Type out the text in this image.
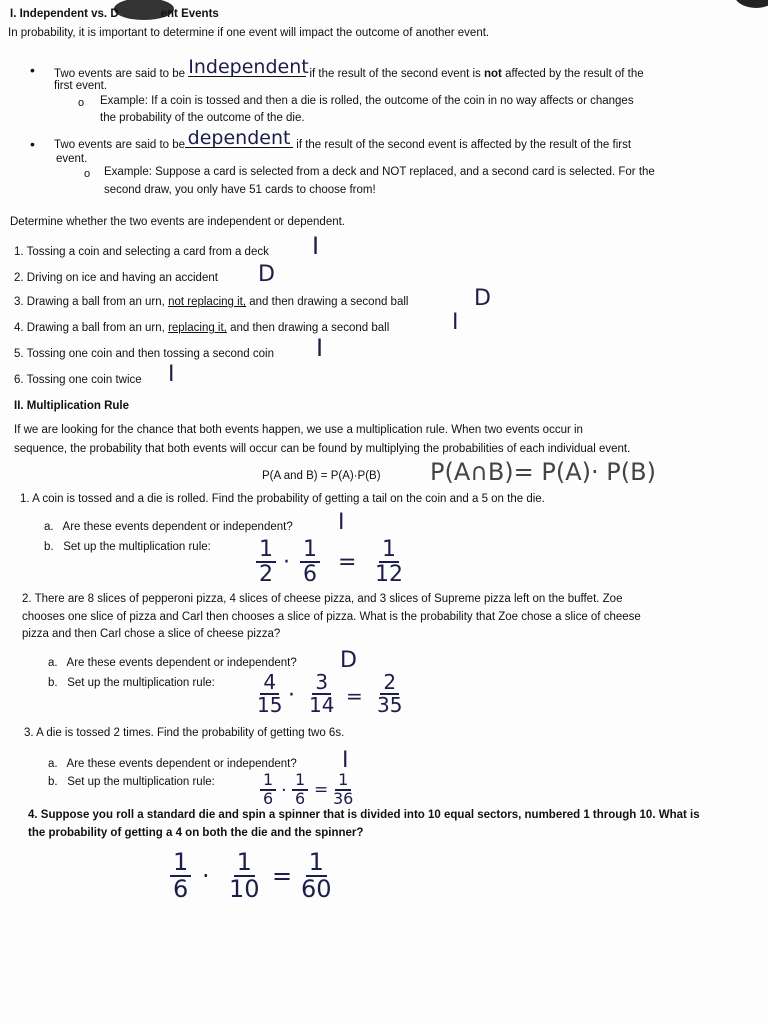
I. Independent vs. D	ent Events
In probability, it is important to determine if one event will impact the outcome of another event.
• Two events are said to be Independent if the result of the second event is not affected by the result of the
first event.
o Example: If a coin is tossed and then a die is rolled, the outcome of the coin in no way affects or changes
the probability of the outcome of the die.
• Two events are said to be dependent if the result of the second event is affected by the result of the first
event.
o Example: Suppose a card is selected from a deck and NOT replaced, and a second card is selected. For the
second draw, you only have 51 cards to choose from!
Determine whether the two events are independent or dependent.
1. Tossing a coin and selecting a card from a deck I
2. Driving on ice and having an accident D
3. Drawing a ball from an urn, not replacing it, and then drawing a second ball	D
4. Drawing a ball from an urn, replacing it, and then drawing a second ball	I
5. Tossing one coin and then tossing a second coin I
6. Tossing one coin twice I
II. Multiplication Rule
If we are looking for the chance that both events happen, we use a multiplication rule. When two events occur in
sequence, the probability that both events will occur can be found by multiplying the probabilities of each individual event.
P(A and B) = P(A)·P(B) P(A∩B)= P(A)· P(B)
1. A coin is tossed and a die is rolled. Find the probability of getting a tail on the coin and a 5 on the die.
a. Are these events dependent or independent? I
b. Set up the multiplication rule: $\frac{1}{2} \cdot \frac{1}{6} = \frac{1}{12}$
2. There are 8 slices of pepperoni pizza, 4 slices of cheese pizza, and 3 slices of Supreme pizza left on the buffet. Zoe
chooses one slice of pizza and Carl then chooses a slice of pizza. What is the probability that Zoe chose a slice of cheese
pizza and then Carl chose a slice of cheese pizza?
a. Are these events dependent or independent? D
b. Set up the multiplication rule: $\frac{4}{15} \cdot \frac{3}{14} = \frac{2}{35}$
3. A die is tossed 2 times. Find the probability of getting two 6s.
a. Are these events dependent or independent? I
b. Set up the multiplication rule:	$\frac{1}{6} \cdot \frac{1}{6} = \frac{1}{36}$
4. Suppose you roll a standard die and spin a spinner that is divided into 10 equal sectors, numbered 1 through 10. What is
the probability of getting a 4 on both the die and the spinner?
$\frac{1}{6} \cdot \frac{1}{10} = \frac{1}{60}$
